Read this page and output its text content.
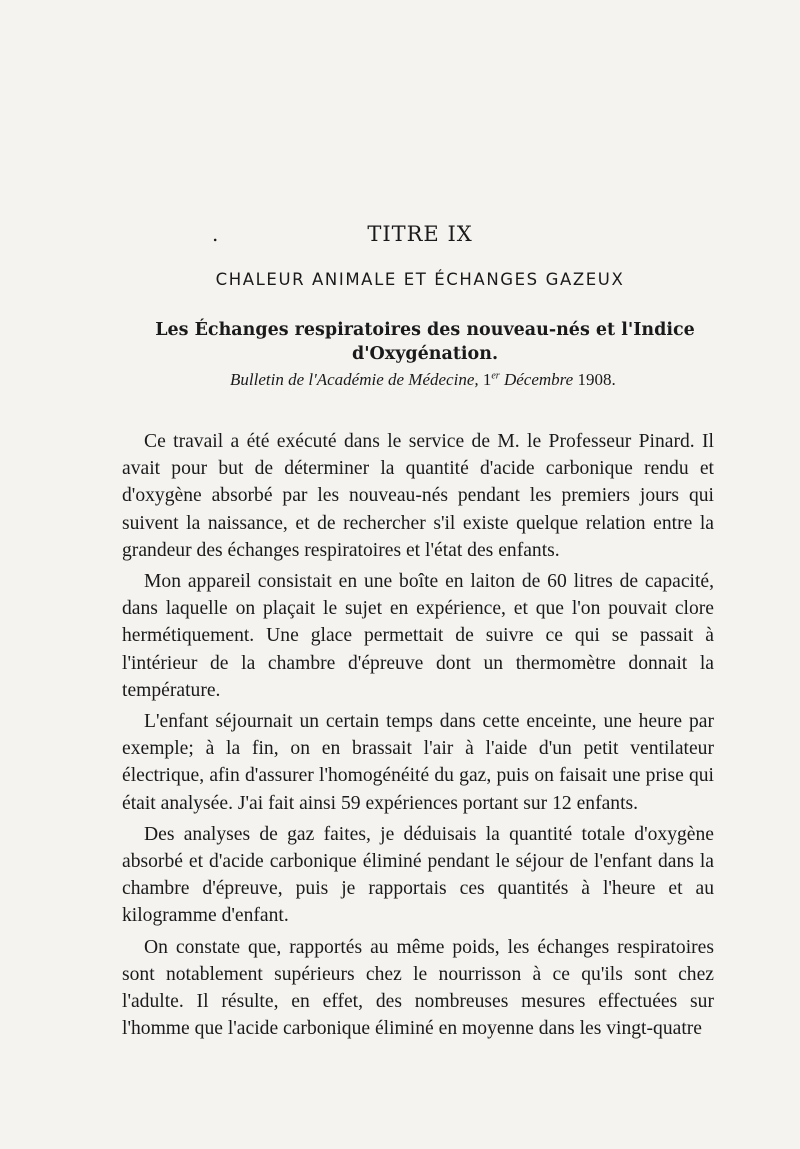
.	TITRE IX
CHALEUR ANIMALE ET ÉCHANGES GAZEUX
Les Échanges respiratoires des nouveau-nés et l'Indice
d'Oxygénation.
Bulletin de l'Académie de Médecine, 1er Décembre 1908.

Ce travail a été exécuté dans le service de M. le Professeur Pinard. Il avait pour but de déterminer la quantité d'acide carbonique rendu et d'oxygène absorbé par les nouveau-nés pendant les premiers jours qui suivent la naissance, et de rechercher s'il existe quelque relation entre la grandeur des échanges respiratoires et l'état des enfants.

Mon appareil consistait en une boîte en laiton de 60 litres de capacité, dans laquelle on plaçait le sujet en expérience, et que l'on pouvait clore hermétiquement. Une glace permettait de suivre ce qui se passait à l'intérieur de la chambre d'épreuve dont un thermomètre donnait la température.

L'enfant séjournait un certain temps dans cette enceinte, une heure par exemple; à la fin, on en brassait l'air à l'aide d'un petit ventilateur électrique, afin d'assurer l'homogénéité du gaz, puis on faisait une prise qui était analysée. J'ai fait ainsi 59 expériences portant sur 12 enfants.

Des analyses de gaz faites, je déduisais la quantité totale d'oxygène absorbé et d'acide carbonique éliminé pendant le séjour de l'enfant dans la chambre d'épreuve, puis je rapportais ces quantités à l'heure et au kilogramme d'enfant.

On constate que, rapportés au même poids, les échanges respiratoires sont notablement supérieurs chez le nourrisson à ce qu'ils sont chez l'adulte. Il résulte, en effet, des nombreuses mesures effectuées sur l'homme que l'acide carbonique éliminé en moyenne dans les vingt-quatre
